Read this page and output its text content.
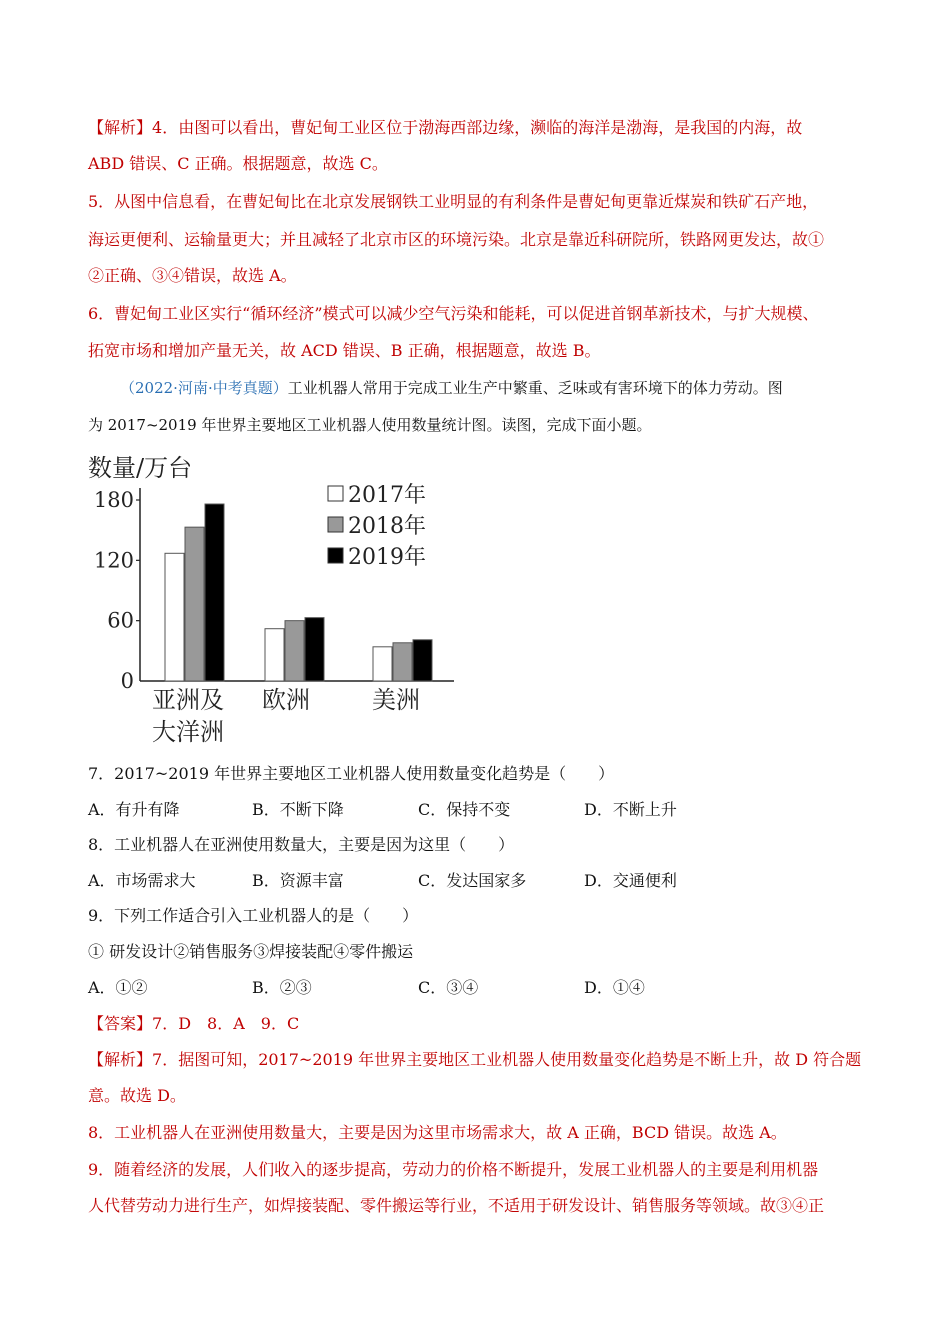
【解析】4．由图可以看出，曹妃甸工业区位于渤海西部边缘，濒临的海洋是渤海，是我国的内海，故
ABD 错误、C 正确。根据题意，故选 C。
5．从图中信息看，在曹妃甸比在北京发展钢铁工业明显的有利条件是曹妃甸更靠近煤炭和铁矿石产地，
海运更便利、运输量更大；并且减轻了北京市区的环境污染。北京是靠近科研院所，铁路网更发达，故①
②正确、③④错误，故选 A。
6．曹妃甸工业区实行“循环经济”模式可以减少空气污染和能耗，可以促进首钢革新技术，与扩大规模、
拓宽市场和增加产量无关，故 ACD 错误、B 正确，根据题意，故选 B。
（2022·河南·中考真题）工业机器人常用于完成工业生产中繁重、乏味或有害环境下的体力劳动。图
为 2017~2019 年世界主要地区工业机器人使用数量统计图。读图，完成下面小题。
数量/万台
180
120
60
0
亚洲及
大洋洲
欧洲	美洲
2017年
2018年
2019年
7．2017~2019 年世界主要地区工业机器人使用数量变化趋势是（　　）
A．有升有降	B．不断下降	C．保持不变	D．不断上升
8．工业机器人在亚洲使用数量大，主要是因为这里（　　）
A．市场需求大	B．资源丰富	C．发达国家多	D．交通便利
9．下列工作适合引入工业机器人的是（　　）
① 研发设计②销售服务③焊接装配④零件搬运
A．①②	B．②③	C．③④	D．①④
【答案】7．D　8．A　9．C
【解析】7．据图可知，2017~2019 年世界主要地区工业机器人使用数量变化趋势是不断上升，故 D 符合题
意。故选 D。
8．工业机器人在亚洲使用数量大，主要是因为这里市场需求大，故 A 正确，BCD 错误。故选 A。
9．随着经济的发展，人们收入的逐步提高，劳动力的价格不断提升，发展工业机器人的主要是利用机器
人代替劳动力进行生产，如焊接装配、零件搬运等行业，不适用于研发设计、销售服务等领域。故③④正
